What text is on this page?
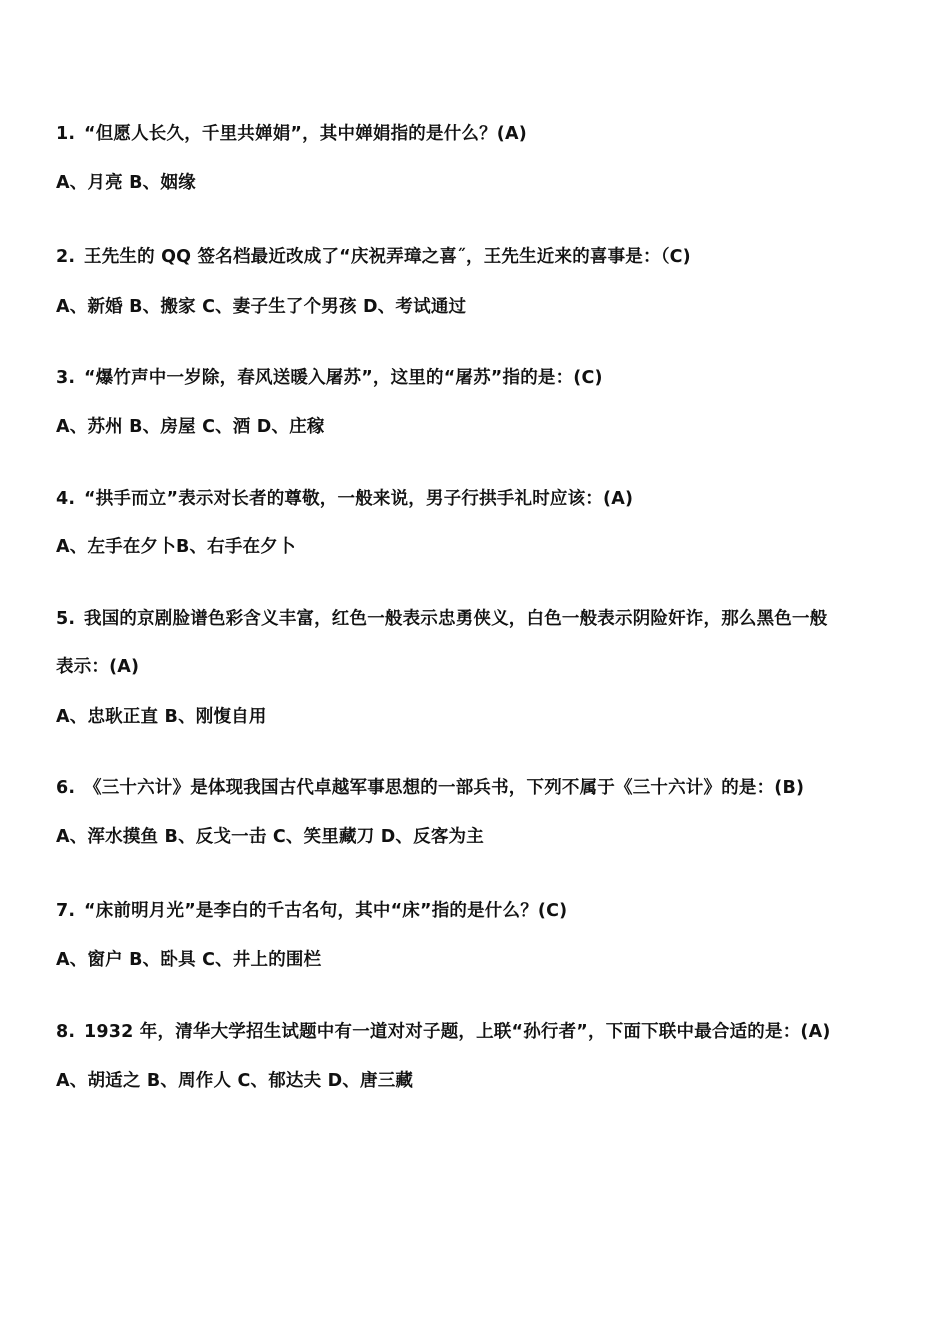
1. “但愿人长久，千里共婵娟”，其中婵娟指的是什么？(A)
A、月亮 B、姻缘
2. 王先生的 QQ 签名档最近改成了“庆祝弄璋之喜˝，王先生近来的喜事是：（C)
A、新婚 B、搬家 C、妻子生了个男孩 D、考试通过
3. “爆竹声中一岁除，春风送暖入屠苏”，这里的“屠苏”指的是：(C)
A、苏州 B、房屋 C、酒 D、庄稼
4. “拱手而立”表示对长者的尊敬，一般来说，男子行拱手礼时应该：(A)
A、左手在夕卜B、右手在夕卜
5. 我国的京剧脸谱色彩含义丰富，红色一般表示忠勇侠义，白色一般表示阴险奸诈，那么黑色一般
表示：(A)
A、忠耿正直 B、刚愎自用
6. 《三十六计》是体现我国古代卓越军事思想的一部兵书，下列不属于《三十六计》的是：(B)
A、浑水摸鱼 B、反戈一击 C、笑里藏刀 D、反客为主
7. “床前明月光”是李白的千古名句，其中“床”指的是什么？(C)
A、窗户 B、卧具 C、井上的围栏
8. 1932 年，清华大学招生试题中有一道对对子题，上联“孙行者”，下面下联中最合适的是：(A)
A、胡适之 B、周作人 C、郁达夫 D、唐三藏
